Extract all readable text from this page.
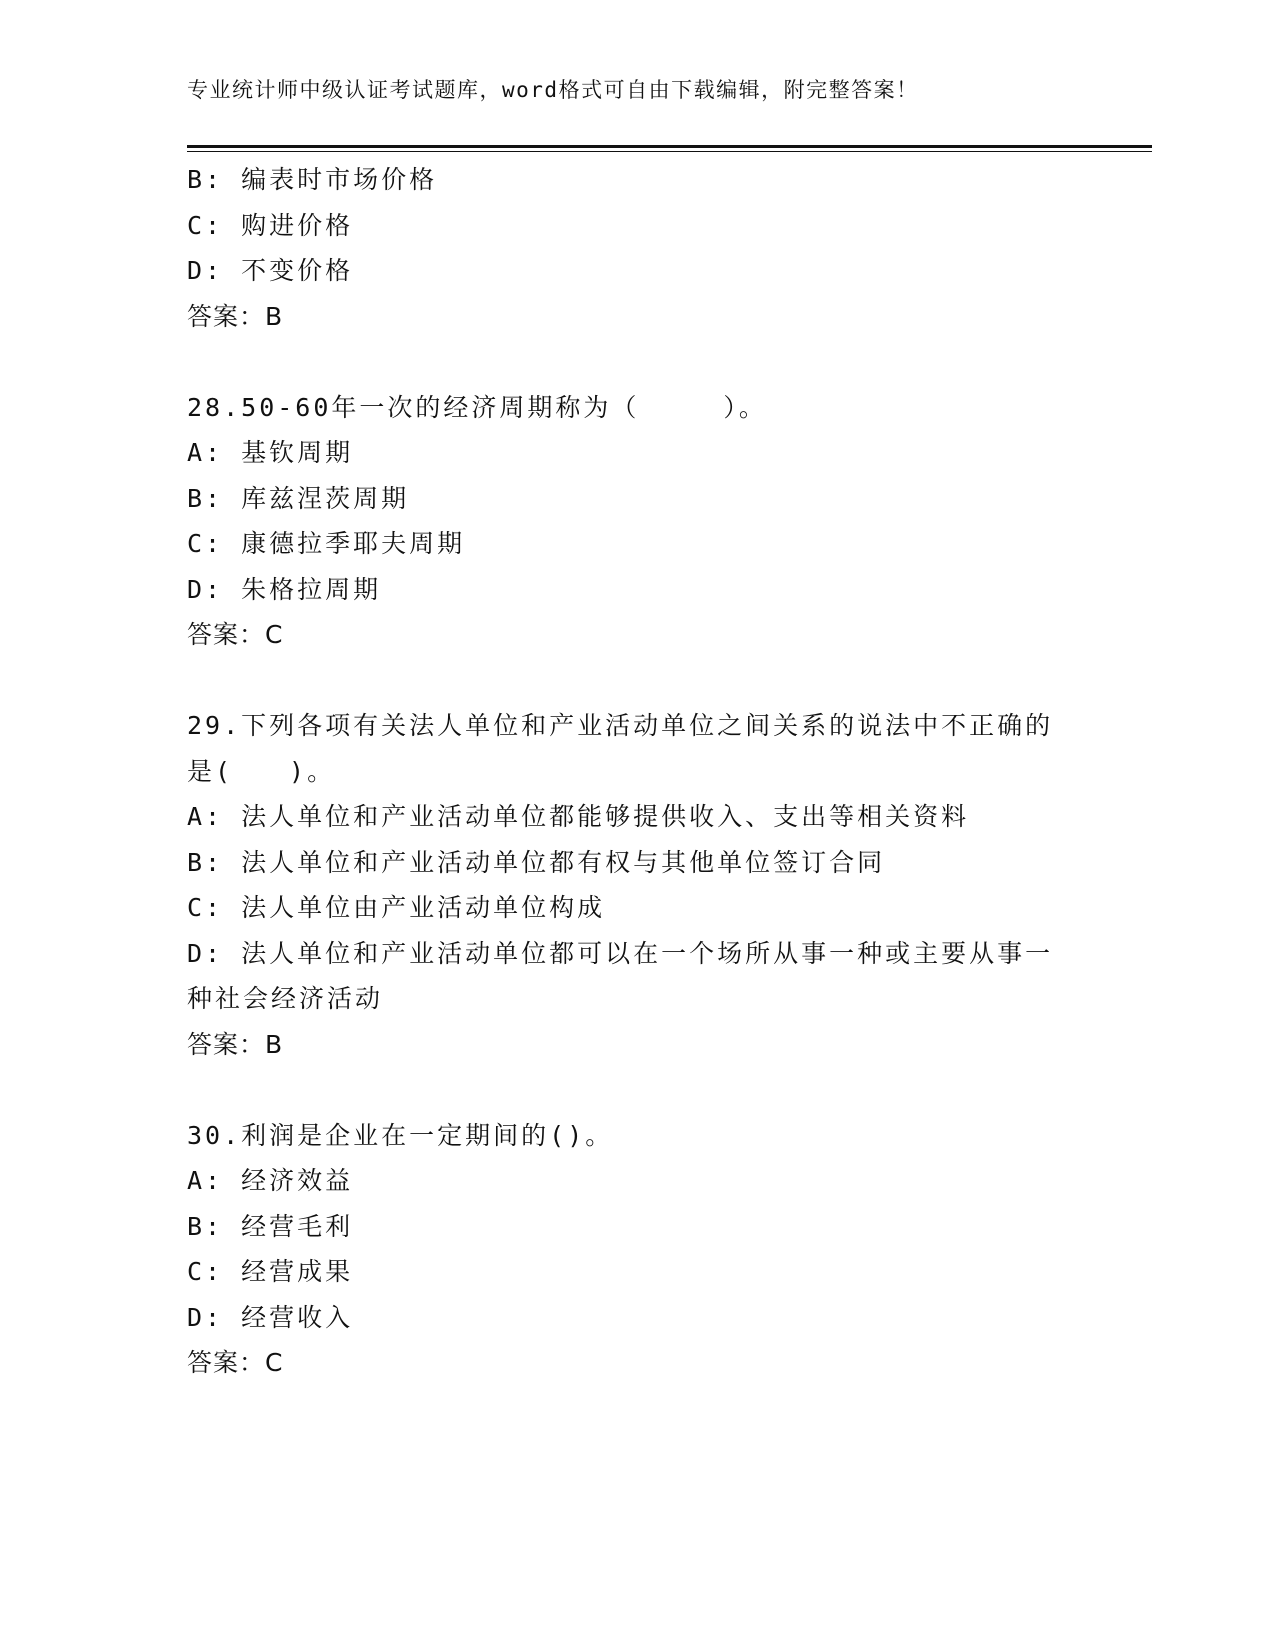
专业统计师中级认证考试题库，word格式可自由下载编辑，附完整答案！
B: 编表时市场价格
C: 购进价格
D: 不变价格
答案：B
28.50-60年一次的经济周期称为（　　　）。
A: 基钦周期
B: 库兹涅茨周期
C: 康德拉季耶夫周期
D: 朱格拉周期
答案：C
29.下列各项有关法人单位和产业活动单位之间关系的说法中不正确的
是(　　)。
A: 法人单位和产业活动单位都能够提供收入、支出等相关资料
B: 法人单位和产业活动单位都有权与其他单位签订合同
C: 法人单位由产业活动单位构成
D: 法人单位和产业活动单位都可以在一个场所从事一种或主要从事一
种社会经济活动
答案：B
30.利润是企业在一定期间的()。
A: 经济效益
B: 经营毛利
C: 经营成果
D: 经营收入
答案：C
